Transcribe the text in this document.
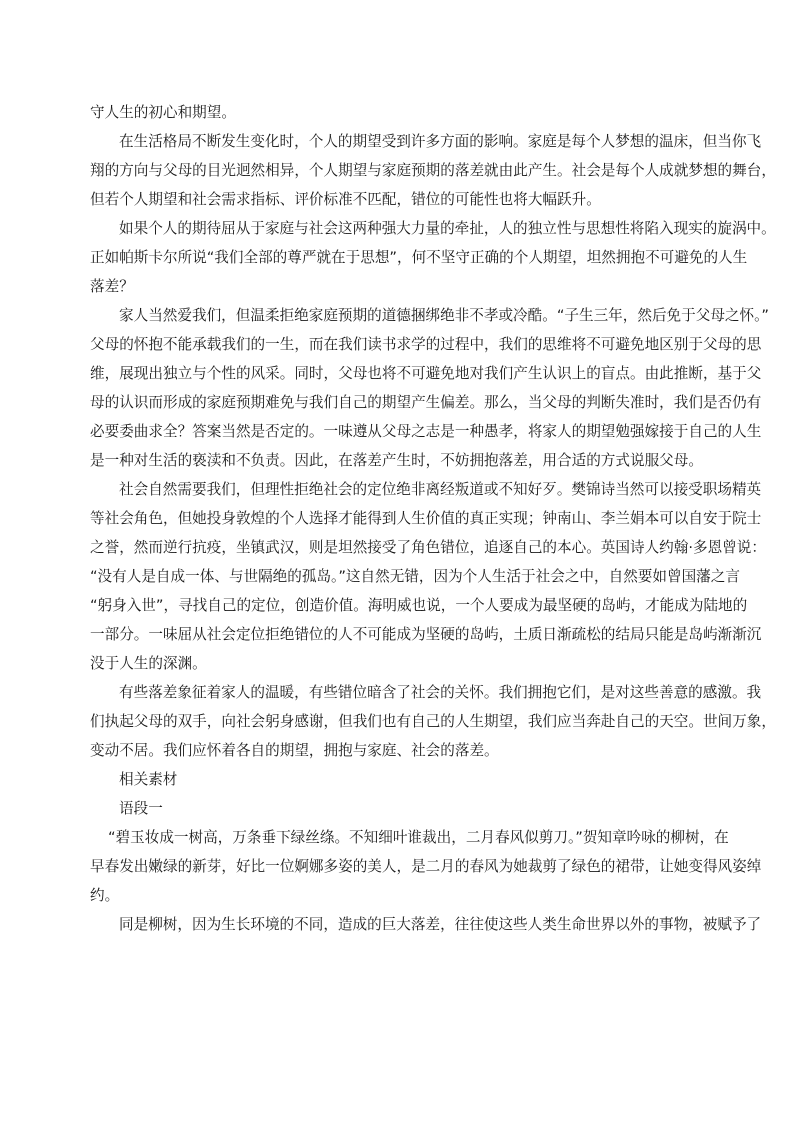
守人生的初心和期望。

在生活格局不断发生变化时，个人的期望受到许多方面的影响。家庭是每个人梦想的温床，但当你飞
翔的方向与父母的目光迥然相异，个人期望与家庭预期的落差就由此产生。社会是每个人成就梦想的舞台，
但若个人期望和社会需求指标、评价标准不匹配，错位的可能性也将大幅跃升。

如果个人的期待屈从于家庭与社会这两种强大力量的牵扯，人的独立性与思想性将陷入现实的旋涡中。
正如帕斯卡尔所说“我们全部的尊严就在于思想”，何不坚守正确的个人期望，坦然拥抱不可避免的人生
落差？

家人当然爱我们，但温柔拒绝家庭预期的道德捆绑绝非不孝或冷酷。“子生三年，然后免于父母之怀。”
父母的怀抱不能承载我们的一生，而在我们读书求学的过程中，我们的思维将不可避免地区别于父母的思
维，展现出独立与个性的风采。同时，父母也将不可避免地对我们产生认识上的盲点。由此推断，基于父
母的认识而形成的家庭预期难免与我们自己的期望产生偏差。那么，当父母的判断失准时，我们是否仍有
必要委曲求全？答案当然是否定的。一味遵从父母之志是一种愚孝，将家人的期望勉强嫁接于自己的人生
是一种对生活的亵渎和不负责。因此，在落差产生时，不妨拥抱落差，用合适的方式说服父母。

社会自然需要我们，但理性拒绝社会的定位绝非离经叛道或不知好歹。樊锦诗当然可以接受职场精英
等社会角色，但她投身敦煌的个人选择才能得到人生价值的真正实现；钟南山、李兰娟本可以自安于院士
之誉，然而逆行抗疫，坐镇武汉，则是坦然接受了角色错位，追逐自己的本心。英国诗人约翰·多恩曾说：
“没有人是自成一体、与世隔绝的孤岛。”这自然无错，因为个人生活于社会之中，自然要如曾国藩之言
“躬身入世”，寻找自己的定位，创造价值。海明威也说，一个人要成为最坚硬的岛屿，才能成为陆地的
一部分。一味屈从社会定位拒绝错位的人不可能成为坚硬的岛屿，土质日渐疏松的结局只能是岛屿渐渐沉
没于人生的深渊。

有些落差象征着家人的温暖，有些错位暗含了社会的关怀。我们拥抱它们，是对这些善意的感激。我
们执起父母的双手，向社会躬身感谢，但我们也有自己的人生期望，我们应当奔赴自己的天空。世间万象，
变动不居。我们应怀着各自的期望，拥抱与家庭、社会的落差。

相关素材

语段一

“碧玉妆成一树高，万条垂下绿丝绦。不知细叶谁裁出，二月春风似剪刀。”贺知章吟咏的柳树，在
早春发出嫩绿的新芽，好比一位婀娜多姿的美人，是二月的春风为她裁剪了绿色的裙带，让她变得风姿绰
约。

同是柳树，因为生长环境的不同，造成的巨大落差，往往使这些人类生命世界以外的事物，被赋予了
